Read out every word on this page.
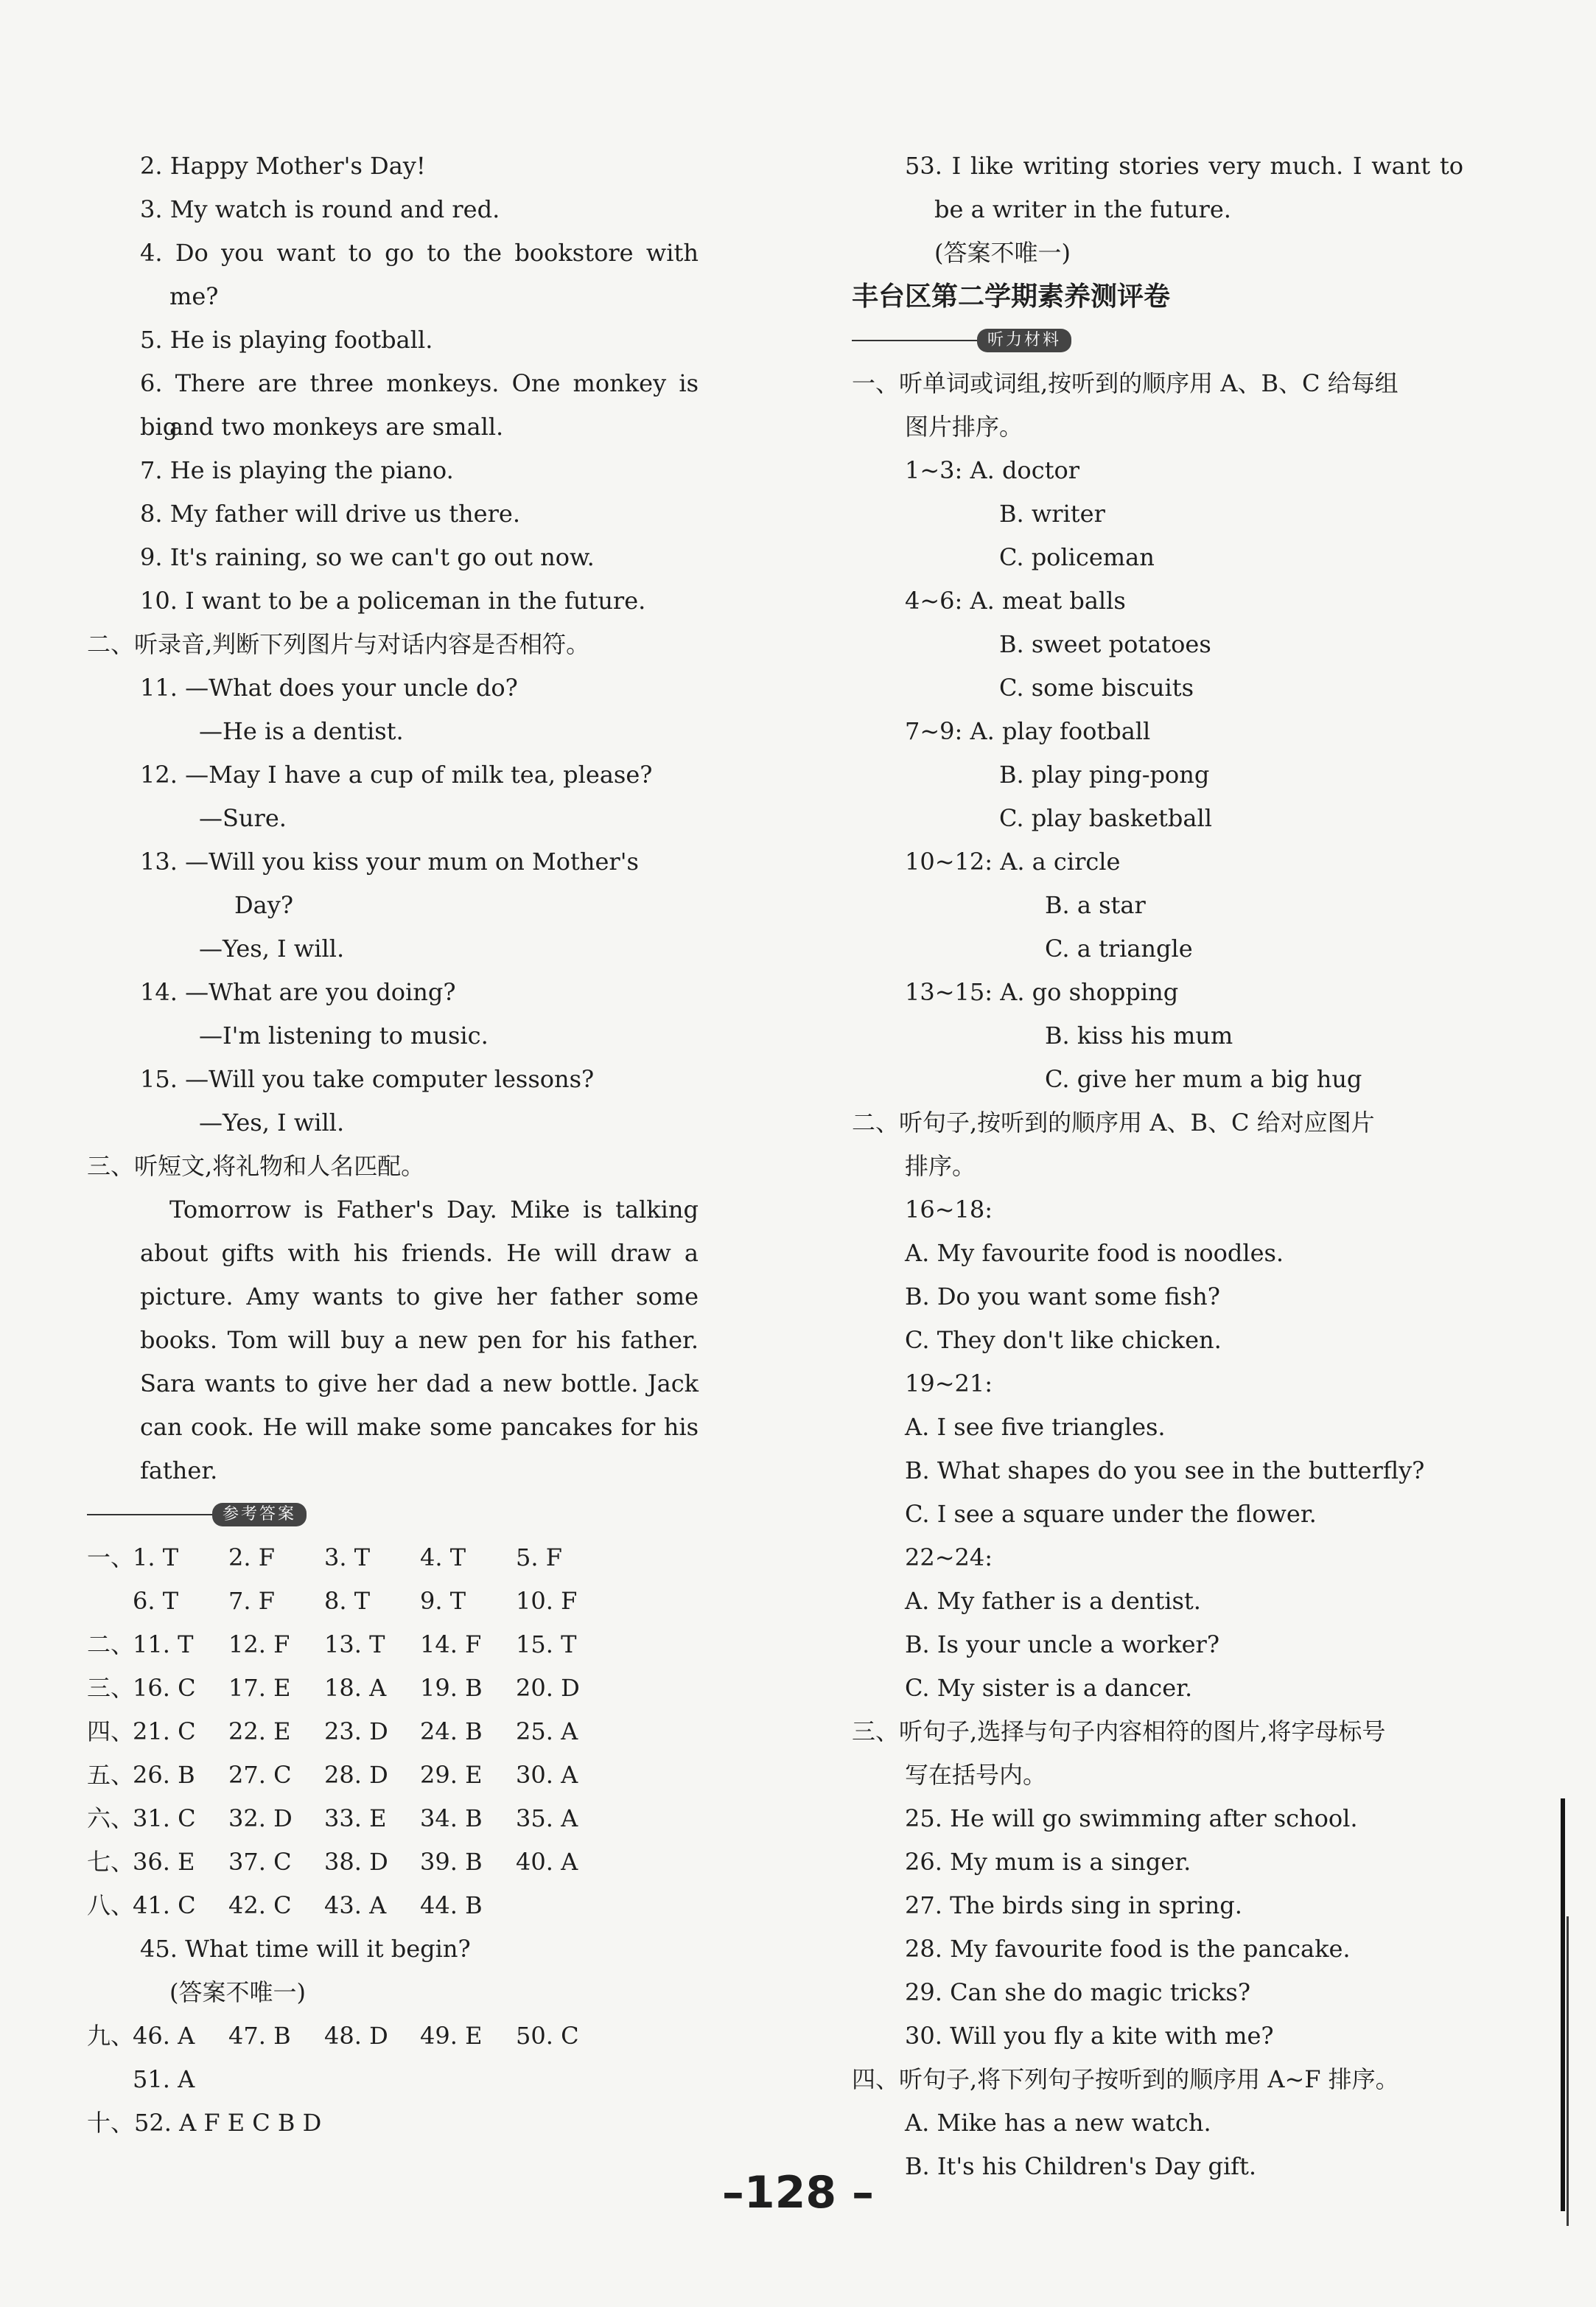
2. Happy Mother's Day!
3. My watch is round and red.
4. Do you want to go to the bookstore with
me?
5. He is playing football.
6. There are three monkeys. One monkey is big
and two monkeys are small.
7. He is playing the piano.
8. My father will drive us there.
9. It's raining, so we can't go out now.
10. I want to be a policeman in the future.
二、听录音,判断下列图片与对话内容是否相符。
11. —What does your uncle do?
—He is a dentist.
12. —May I have a cup of milk tea, please?
—Sure.
13. —Will you kiss your mum on Mother's
Day?
—Yes, I will.
14. —What are you doing?
—I'm listening to music.
15. —Will you take computer lessons?
—Yes, I will.
三、听短文,将礼物和人名匹配。
Tomorrow is Father's Day. Mike is talking
about gifts with his friends. He will draw a
picture. Amy wants to give her father some
books. Tom will buy a new pen for his father.
Sara wants to give her dad a new bottle. Jack
can cook. He will make some pancakes for his
father.
参考答案
一、1. T 2. F 3. T 4. T 5. F
6. T 7. F 8. T 9. T 10. F
二、11. T 12. F 13. T 14. F 15. T
三、16. C 17. E 18. A 19. B 20. D
四、21. C 22. E 23. D 24. B 25. A
五、26. B 27. C 28. D 29. E 30. A
六、31. C 32. D 33. E 34. B 35. A
七、36. E 37. C 38. D 39. B 40. A
八、41. C 42. C 43. A 44. B
45. What time will it begin?
(答案不唯一)
九、46. A 47. B 48. D 49. E 50. C
51. A
十、52. A F E C B D
53. I like writing stories very much. I want to
be a writer in the future.
(答案不唯一)
丰台区第二学期素养测评卷
听力材料
一、听单词或词组,按听到的顺序用 A、B、C 给每组
图片排序。
1~3: A. doctor
B. writer
C. policeman
4~6: A. meat balls
B. sweet potatoes
C. some biscuits
7~9: A. play football
B. play ping-pong
C. play basketball
10~12: A. a circle
B. a star
C. a triangle
13~15: A. go shopping
B. kiss his mum
C. give her mum a big hug
二、听句子,按听到的顺序用 A、B、C 给对应图片
排序。
16~18:
A. My favourite food is noodles.
B. Do you want some fish?
C. They don't like chicken.
19~21:
A. I see five triangles.
B. What shapes do you see in the butterfly?
C. I see a square under the flower.
22~24:
A. My father is a dentist.
B. Is your uncle a worker?
C. My sister is a dancer.
三、听句子,选择与句子内容相符的图片,将字母标号
写在括号内。
25. He will go swimming after school.
26. My mum is a singer.
27. The birds sing in spring.
28. My favourite food is the pancake.
29. Can she do magic tricks?
30. Will you fly a kite with me?
四、听句子,将下列句子按听到的顺序用 A~F 排序。
A. Mike has a new watch.
B. It's his Children's Day gift.
–128 –
